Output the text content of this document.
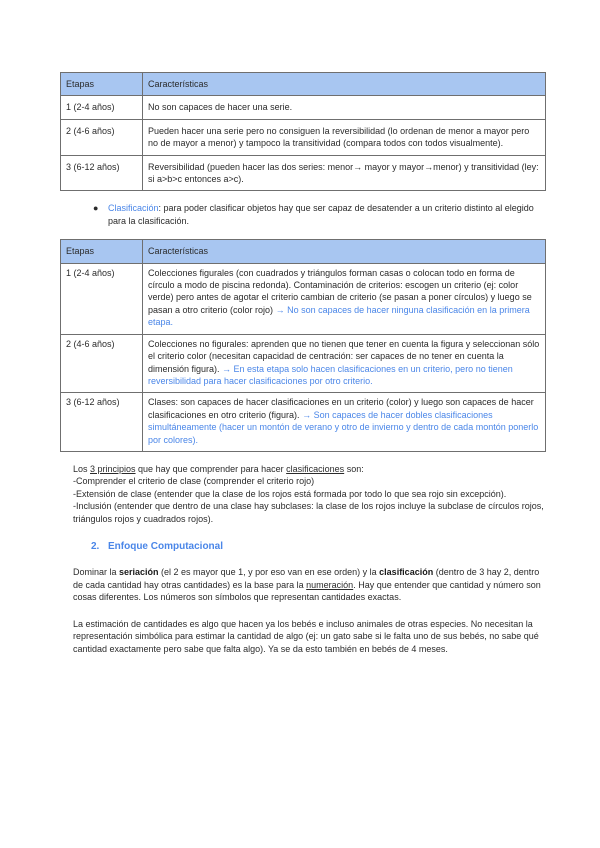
Etapas	Características
1 (2-4 años)	No son capaces de hacer una serie.
2 (4-6 años)	Pueden hacer una serie pero no consiguen la reversibilidad (lo ordenan de menor a mayor pero no de mayor a menor) y tampoco la transitividad (compara todos con todos visualmente).
3 (6-12 años)	Reversibilidad (pueden hacer las dos series: menor→ mayor y mayor→menor) y transitividad (ley: si a>b>c entonces a>c).
● Clasificación: para poder clasificar objetos hay que ser capaz de desatender a un criterio distinto al elegido para la clasificación.
Etapas	Características
1 (2-4 años)	Colecciones figurales (con cuadrados y triángulos forman casas o colocan todo en forma de círculo a modo de piscina redonda). Contaminación de criterios: escogen un criterio (ej: color verde) pero antes de agotar el criterio cambian de criterio (se pasan a poner círculos) y luego se pasan a otro criterio (color rojo) → No son capaces de hacer ninguna clasificación en la primera etapa.
2 (4-6 años)	Colecciones no figurales: aprenden que no tienen que tener en cuenta la figura y seleccionan sólo el criterio color (necesitan capacidad de centración: ser capaces de no tener en cuenta la dimensión figura). → En esta etapa solo hacen clasificaciones en un criterio, pero no tienen reversibilidad para hacer clasificaciones por otro criterio.
3 (6-12 años)	Clases: son capaces de hacer clasificaciones en un criterio (color) y luego son capaces de hacer clasificaciones en otro criterio (figura). → Son capaces de hacer dobles clasificaciones simultáneamente (hacer un montón de verano y otro de invierno y dentro de cada montón ponerlo por colores).
Los 3 principios que hay que comprender para hacer clasificaciones son:
-Comprender el criterio de clase (comprender el criterio rojo)
-Extensión de clase (entender que la clase de los rojos está formada por todo lo que sea rojo sin excepción).
-Inclusión (entender que dentro de una clase hay subclases: la clase de los rojos incluye la subclase de círculos rojos, triángulos rojos y cuadrados rojos).
2. Enfoque Computacional
Dominar la seriación (el 2 es mayor que 1, y por eso van en ese orden) y la clasificación (dentro de 3 hay 2, dentro de cada cantidad hay otras cantidades) es la base para la numeración. Hay que entender que cantidad y número son cosas diferentes. Los números son símbolos que representan cantidades exactas.
La estimación de cantidades es algo que hacen ya los bebés e incluso animales de otras especies. No necesitan la representación simbólica para estimar la cantidad de algo (ej: un gato sabe si le falta uno de sus bebés, no sabe qué cantidad exactamente pero sabe que falta algo). Ya se da esto también en bebés de 4 meses.
